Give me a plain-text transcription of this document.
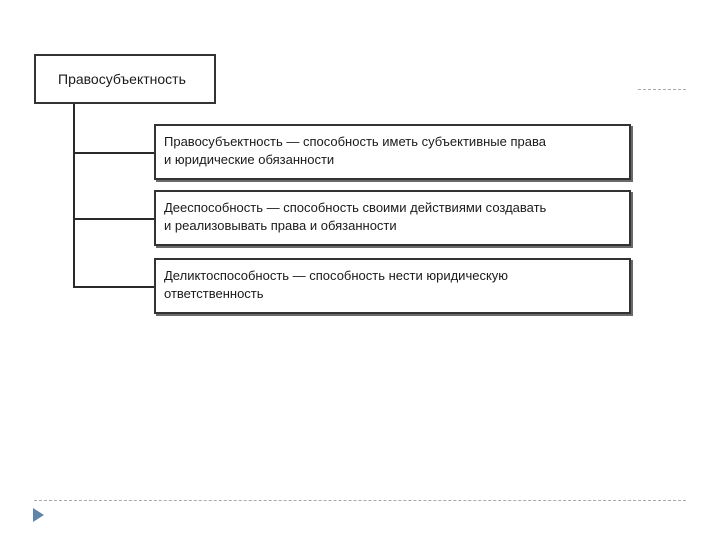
Правосубъектность
Правосубъектность — способность иметь субъективные права
и юридические обязанности
Дееспособность — способность своими действиями создавать
и реализовывать права и обязанности
Деликтоспособность — способность нести юридическую
ответственность
